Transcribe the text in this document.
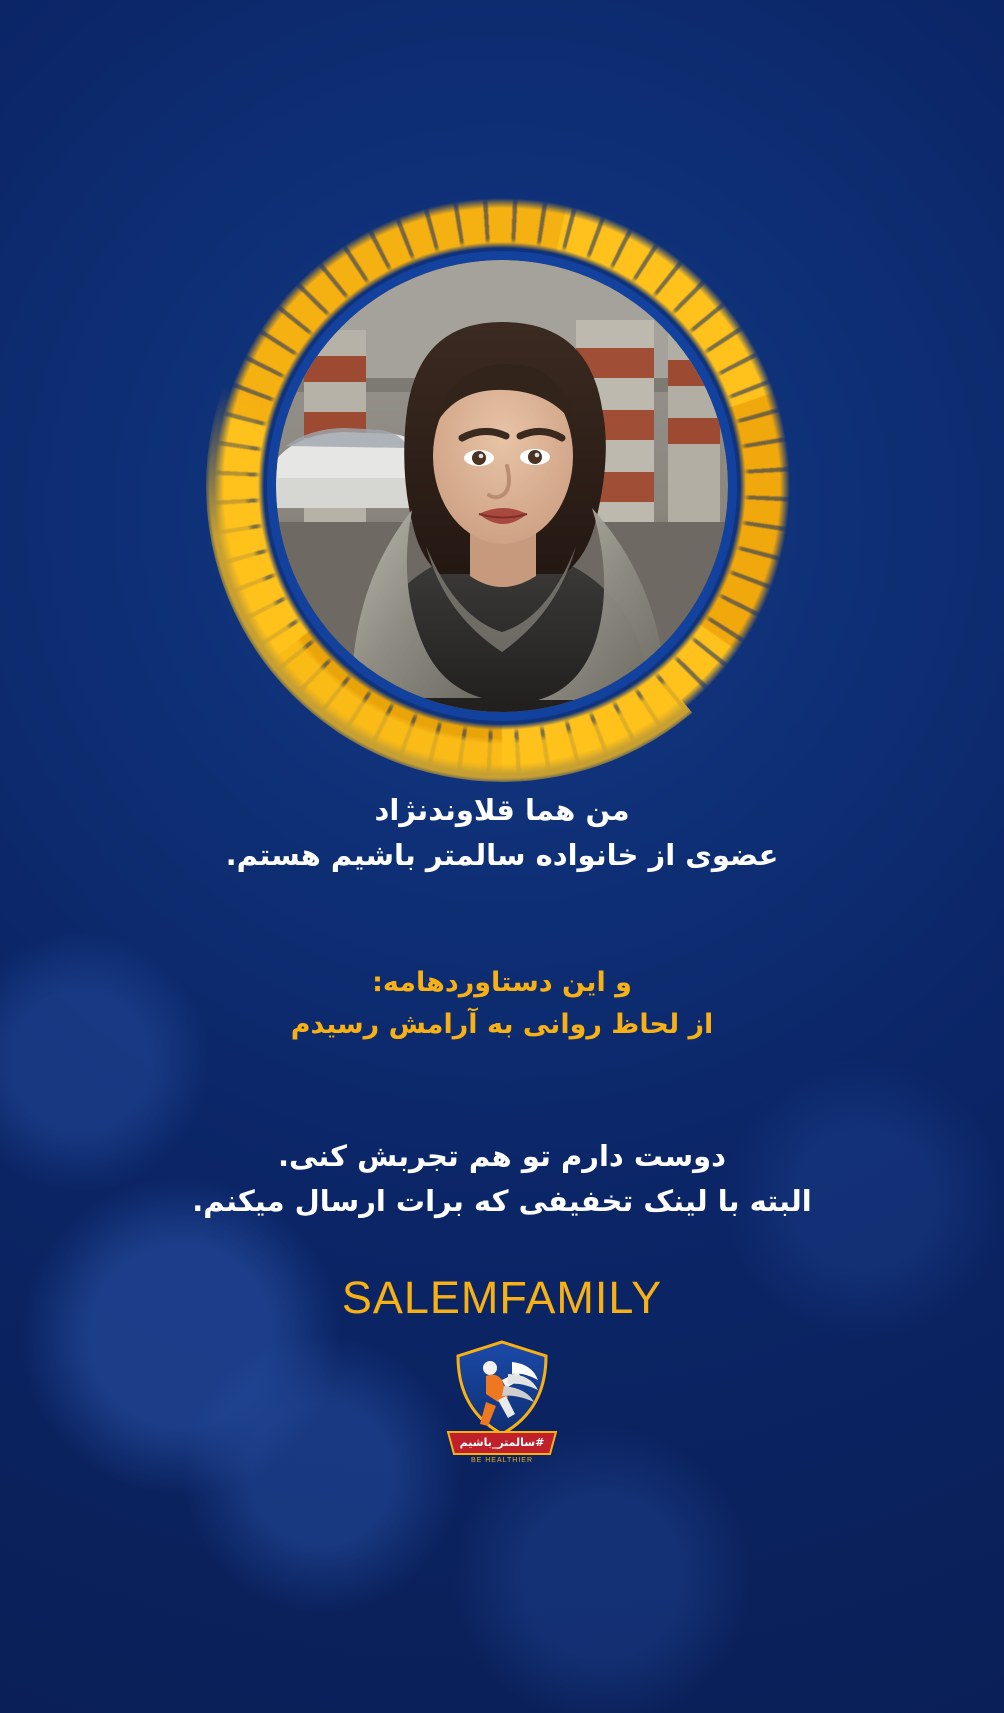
من هما قلاوندنژاد
عضوی از خانواده سالمتر باشیم هستم.
و این دستاوردهامه:
از لحاظ روانی به آرامش رسیدم
دوست دارم تو هم تجربش کنی.
البته با لینک تخفیفی که برات ارسال میکنم.
SALEMFAMILY
#سالمتر_باشیم
BE HEALTHIER
